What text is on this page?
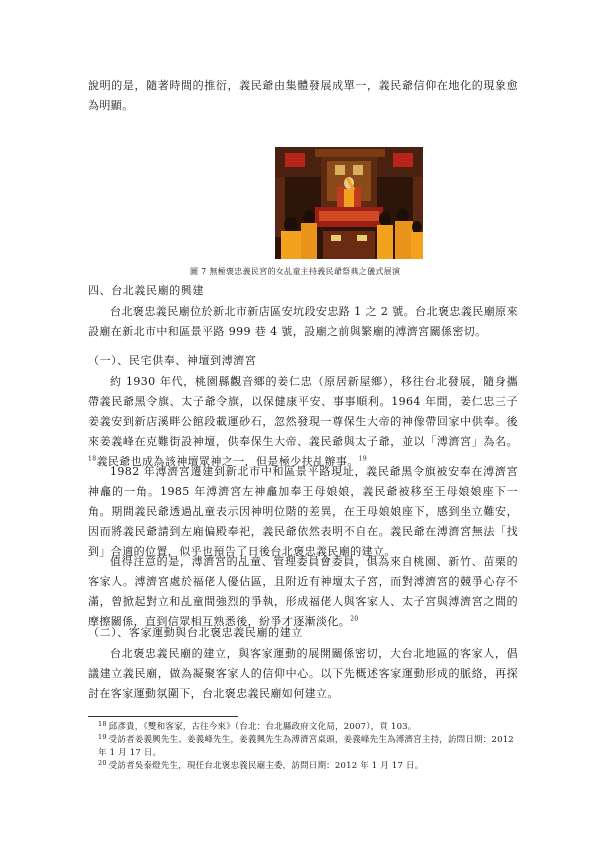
說明的是，隨著時間的推衍，義民爺由集體發展成單一，義民爺信仰在地化的現象愈為明顯。

圖 7 無極褒忠義民宮的女乩童主持義民爺祭典之儀式展演

四、台北義民廟的興建

台北褒忠義民廟位於新北市新店區安坑段安忠路 1 之 2 號。台北褒忠義民廟原來設廟在新北市中和區景平路 999 巷 4 號，設廟之前與繁廟的溥濟宮關係密切。

（一）、民宅供奉、神壇到溥濟宮

約 1930 年代，桃園縣觀音鄉的姜仁忠（原居新屋鄉），移往台北發展，隨身攜帶義民爺黑令旗、太子爺令旗，以保健康平安、事事順利。1964 年間，姜仁忠三子姜義安到新店溪畔公館段載運砂石，忽然發現一尊保生大帝的神像帶回家中供奉。後來姜義峰在克難街設神壇，供奉保生大帝、義民爺與太子爺，並以「溥濟宮」為名。$^{18}$義民爺也成為該神壇眾神之一，但是極少扶乩辦事。$^{19}$

1982 年溥濟宮遷建到新北市中和區景平路現址，義民爺黑令旗被安奉在溥濟宮神龕的一角。1985 年溥濟宮左神龕加奉王母娘娘，義民爺被移至王母娘娘座下一角。期間義民爺透過乩童表示因神明位階的差異，在王母娘娘座下，感到坐立難安，因而將義民爺請到左廂偏殿奉祀，義民爺依然表明不自在。義民爺在溥濟宮無法「找到」合適的位置，似乎也預告了日後台北褒忠義民廟的建立。

值得注意的是，溥濟宮的乩童、管理委員會委員，俱為來自桃園、新竹、苗栗的客家人。溥濟宮處於福佬人優佔區，且附近有神壇太子宮，而對溥濟宮的競爭心存不滿，曾掀起對立和乩童間強烈的爭執，形成福佬人與客家人、太子宮與溥濟宮之間的摩擦關係，直到信眾相互熟悉後，紛爭才逐漸淡化。$^{20}$

（二）、客家運動與台北褒忠義民廟的建立

台北褒忠義民廟的建立，與客家運動的展開關係密切，大台北地區的客家人，倡議建立義民廟，做為凝聚客家人的信仰中心。以下先概述客家運動形成的脈絡，再探討在客家運動氛圍下，台北褒忠義民廟如何建立。

$^{18}$ 邱彥貴，《雙和客家，古往今來》（台北：台北縣政府文化局，2007），頁 103。

$^{19}$ 受訪者姜義興先生、姜義峰先生，姜義興先生為溥濟宮桌頭，姜義峰先生為溥濟宮主持，訪問日期：2012 年 1 月 17 日。

$^{20}$ 受訪者吳泰燈先生，現任台北褒忠義民廟主委，訪問日期：2012 年 1 月 17 日。
